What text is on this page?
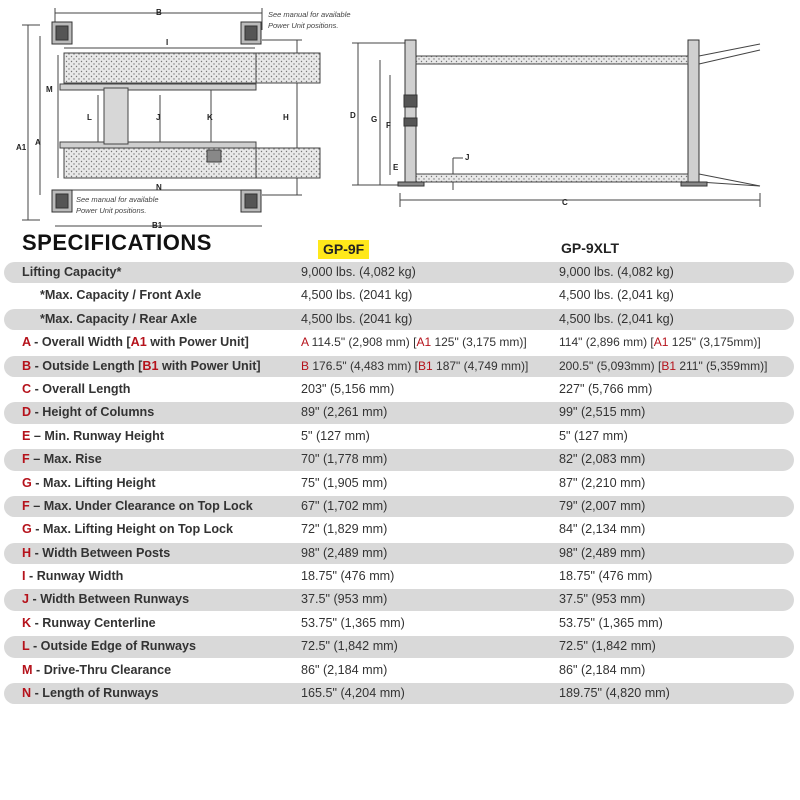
B
I
M
A1
A
L	J	K	H
N
B1
See manual for available
Power Unit positions.
See manual for available
Power Unit positions.
D G
F
E
J
C
SPECIFICATIONS	GP-9F	GP-9XLT
Lifting Capacity*	9,000 lbs. (4,082 kg)	9,000 lbs. (4,082 kg)
*Max. Capacity / Front Axle	4,500 lbs. (2041 kg)	4,500 lbs. (2,041 kg)
*Max. Capacity / Rear Axle	4,500 lbs. (2041 kg)	4,500 lbs. (2,041 kg)
A - Overall Width [A1 with Power Unit]	A 114.5" (2,908 mm) [A1 125" (3,175 mm)]	114" (2,896 mm) [A1 125" (3,175mm)]
B - Outside Length [B1 with Power Unit]	B 176.5" (4,483 mm) [B1 187" (4,749 mm)]	200.5" (5,093mm) [B1 211" (5,359mm)]
C - Overall Length	203" (5,156 mm)	227" (5,766 mm)
D - Height of Columns	89" (2,261 mm)	99" (2,515 mm)
E – Min. Runway Height	5" (127 mm)	5" (127 mm)
F – Max. Rise	70" (1,778 mm)	82" (2,083 mm)
G - Max. Lifting Height	75" (1,905 mm)	87" (2,210 mm)
F – Max. Under Clearance on Top Lock	67" (1,702 mm)	79" (2,007 mm)
G - Max. Lifting Height on Top Lock	72" (1,829 mm)	84" (2,134 mm)
H - Width Between Posts	98" (2,489 mm)	98" (2,489 mm)
I - Runway Width	18.75" (476 mm)	18.75" (476 mm)
J - Width Between Runways	37.5" (953 mm)	37.5" (953 mm)
K - Runway Centerline	53.75" (1,365 mm)	53.75" (1,365 mm)
L - Outside Edge of Runways	72.5" (1,842 mm)	72.5" (1,842 mm)
M - Drive-Thru Clearance	86" (2,184 mm)	86" (2,184 mm)
N - Length of Runways	165.5" (4,204 mm)	189.75" (4,820 mm)
